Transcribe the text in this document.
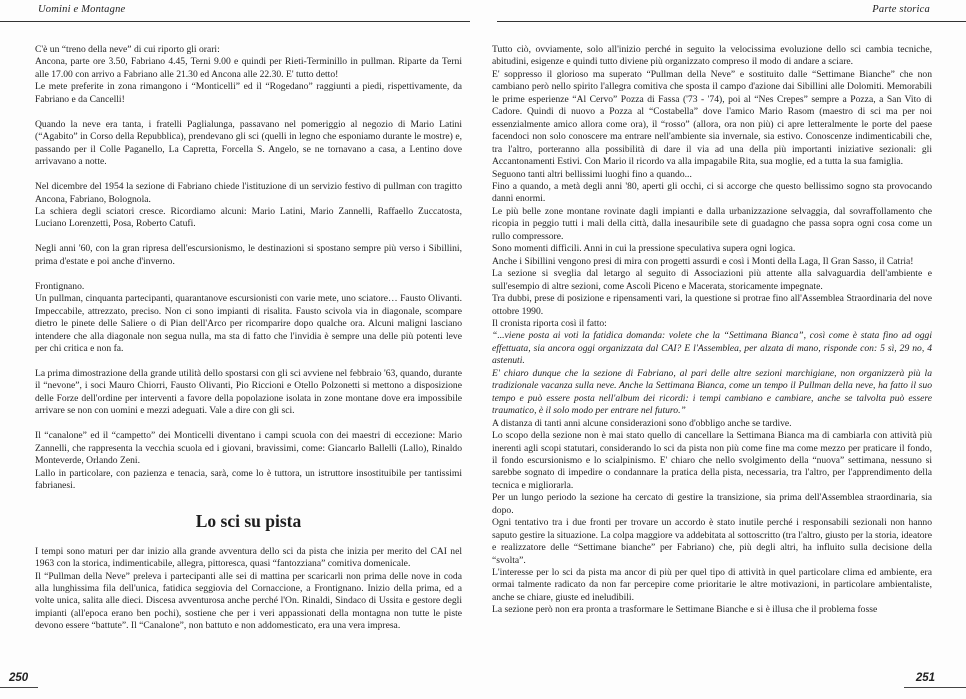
Uomini e Montagne

C'è un “treno della neve” di cui riporto gli orari:

Ancona, parte ore 3.50, Fabriano 4.45, Terni 9.00 e quindi per Rieti-Terminillo in pullman. Riparte da Terni alle 17.00 con arrivo a Fabriano alle 21.30 ed Ancona alle 22.30. E' tutto detto!

Le mete preferite in zona rimangono i “Monticelli” ed il “Rogedano” raggiunti a piedi, rispettivamente, da Fabriano e da Cancelli!

Quando la neve era tanta, i fratelli Paglialunga, passavano nel pomeriggio al negozio di Mario Latini (“Agabito” in Corso della Repubblica), prendevano gli sci (quelli in legno che esponiamo durante le mostre) e, passando per il Colle Paganello, La Capretta, Forcella S. Angelo, se ne tornavano a casa, a Lentino dove arrivavano a notte.

Nel dicembre del 1954 la sezione di Fabriano chiede l'istituzione di un servizio festivo di pullman con tragitto Ancona, Fabriano, Bolognola.

La schiera degli sciatori cresce. Ricordiamo alcuni: Mario Latini, Mario Zannelli, Raffaello Zuccatosta, Luciano Lorenzetti, Posa, Roberto Catufi.

Negli anni '60, con la gran ripresa dell'escursionismo, le destinazioni si spostano sempre più verso i Sibillini, prima d'estate e poi anche d'inverno.

Frontignano.

Un pullman, cinquanta partecipanti, quarantanove escursionisti con varie mete, uno sciatore… Fausto Olivanti. Impeccabile, attrezzato, preciso. Non ci sono impianti di risalita. Fausto scivola via in diagonale, scompare dietro le pinete delle Saliere o di Pian dell'Arco per ricomparire dopo qualche ora. Alcuni maligni lasciano intendere che alla diagonale non segua nulla, ma sta di fatto che l'invidia è sempre una delle più potenti leve per chi critica e non fa.

La prima dimostrazione della grande utilità dello spostarsi con gli sci avviene nel febbraio '63, quando, durante il “nevone”, i soci Mauro Chiorri, Fausto Olivanti, Pio Riccioni e Otello Polzonetti si mettono a disposizione delle Forze dell'ordine per interventi a favore della popolazione isolata in zone montane dove era impossibile arrivare se non con uomini e mezzi adeguati. Vale a dire con gli sci.

Il “canalone” ed il “campetto” dei Monticelli diventano i campi scuola con dei maestri di eccezione: Mario Zannelli, che rappresenta la vecchia scuola ed i giovani, bravissimi, come: Giancarlo Ballelli (Lallo), Rinaldo Monteverde, Orlando Zeni.

Lallo in particolare, con pazienza e tenacia, sarà, come lo è tuttora, un istruttore insostituibile per tantissimi fabrianesi.

Lo sci su pista

I tempi sono maturi per dar inizio alla grande avventura dello sci da pista che inizia per merito del CAI nel 1963 con la storica, indimenticabile, allegra, pittoresca, quasi “fantozziana” comitiva domenicale.

Il “Pullman della Neve” preleva i partecipanti alle sei di mattina per scaricarli non prima delle nove in coda alla lunghissima fila dell'unica, fatidica seggiovia del Cornaccione, a Frontignano. Inizio della prima, ed a volte unica, salita alle dieci. Discesa avventurosa anche perché l'On. Rinaldi, Sindaco di Ussita e gestore degli impianti (all'epoca erano ben pochi), sostiene che per i veri appassionati della montagna non tutte le piste devono essere “battute”. Il “Canalone”, non battuto e non addomesticato, era una vera impresa.

250
Parte storica

Tutto ciò, ovviamente, solo all'inizio perché in seguito la velocissima evoluzione dello sci cambia tecniche, abitudini, esigenze e quindi tutto diviene più organizzato compreso il modo di andare a sciare.

E' soppresso il glorioso ma superato “Pullman della Neve” e sostituito dalle “Settimane Bianche” che non cambiano però nello spirito l'allegra comitiva che sposta il campo d'azione dai Sibillini alle Dolomiti. Memorabili le prime esperienze “Al Cervo” Pozza di Fassa ('73 - '74), poi al “Nes Crepes” sempre a Pozza, a San Vito di Cadore. Quindi di nuovo a Pozza al “Costabella” dove l'amico Mario Rasom (maestro di sci ma per noi essenzialmente amico allora come ora), il “rosso” (allora, ora non più) ci apre letteralmente le porte del paese facendoci non solo conoscere ma entrare nell'ambiente sia invernale, sia estivo. Conoscenze indimenticabili che, tra l'altro, porteranno alla possibilità di dare il via ad una della più importanti iniziative sezionali: gli Accantonamenti Estivi. Con Mario il ricordo va alla impagabile Rita, sua moglie, ed a tutta la sua famiglia.

Seguono tanti altri bellissimi luoghi fino a quando...

Fino a quando, a metà degli anni '80, aperti gli occhi, ci si accorge che questo bellissimo sogno sta provocando danni enormi.

Le più belle zone montane rovinate dagli impianti e dalla urbanizzazione selvaggia, dal sovraffollamento che ricopia in peggio tutti i mali della città, dalla inesauribile sete di guadagno che passa sopra ogni cosa come un rullo compressore.

Sono momenti difficili. Anni in cui la pressione speculativa supera ogni logica.

Anche i Sibillini vengono presi di mira con progetti assurdi e così i Monti della Laga, Il Gran Sasso, il Catria!

La sezione si sveglia dal letargo al seguito di Associazioni più attente alla salvaguardia dell'ambiente e sull'esempio di altre sezioni, come Ascoli Piceno e Macerata, storicamente impegnate.

Tra dubbi, prese di posizione e ripensamenti vari, la questione si protrae fino all'Assemblea Straordinaria del nove ottobre 1990.

Il cronista riporta così il fatto:

“...viene posta ai voti la fatidica domanda: volete che la “Settimana Bianca”, così come è stata fino ad oggi effettuata, sia ancora oggi organizzata dal CAI? E l'Assemblea, per alzata di mano, risponde con: 5 sì, 29 no, 4 astenuti.

E' chiaro dunque che la sezione di Fabriano, al pari delle altre sezioni marchigiane, non organizzerà più la tradizionale vacanza sulla neve. Anche la Settimana Bianca, come un tempo il Pullman della neve, ha fatto il suo tempo e può essere posta nell'album dei ricordi: i tempi cambiano e cambiare, anche se talvolta può essere traumatico, è il solo modo per entrare nel futuro.”

A distanza di tanti anni alcune considerazioni sono d'obbligo anche se tardive.

Lo scopo della sezione non è mai stato quello di cancellare la Settimana Bianca ma di cambiarla con attività più inerenti agli scopi statutari, considerando lo sci da pista non più come fine ma come mezzo per praticare il fondo, il fondo escursionismo e lo scialpinismo. E' chiaro che nello svolgimento della “nuova” settimana, nessuno si sarebbe sognato di impedire o condannare la pratica della pista, necessaria, tra l'altro, per l'apprendimento della tecnica e migliorarla.

Per un lungo periodo la sezione ha cercato di gestire la transizione, sia prima dell'Assemblea straordinaria, sia dopo.

Ogni tentativo tra i due fronti per trovare un accordo è stato inutile perché i responsabili sezionali non hanno saputo gestire la situazione. La colpa maggiore va addebitata al sottoscritto (tra l'altro, giusto per la storia, ideatore e realizzatore delle “Settimane bianche” per Fabriano) che, più degli altri, ha influito sulla decisione della “svolta”.

L'interesse per lo sci da pista ma ancor di più per quel tipo di attività in quel particolare clima ed ambiente, era ormai talmente radicato da non far percepire come prioritarie le altre motivazioni, in particolare ambientaliste, anche se chiare, giuste ed ineludibili.

La sezione però non era pronta a trasformare le Settimane Bianche e si è illusa che il problema fosse

251
